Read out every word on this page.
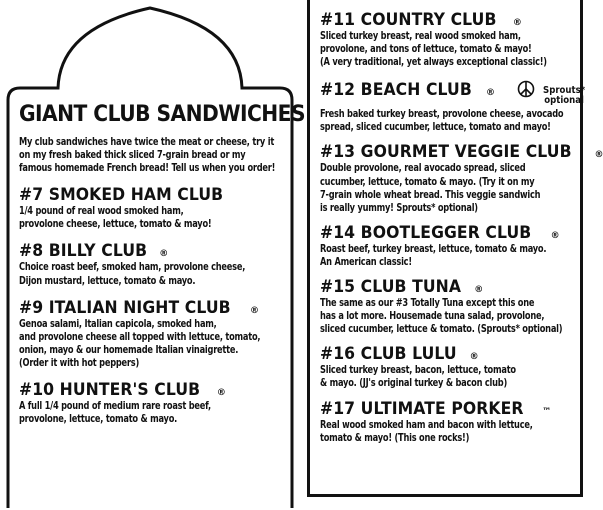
GIANT CLUB SANDWICHES

My club sandwiches have twice the meat or cheese, try it on my fresh baked thick sliced 7-grain bread or my famous homemade French bread! Tell us when you order!

#7 SMOKED HAM CLUB

1/4 pound of real wood smoked ham,
provolone cheese, lettuce, tomato & mayo!

#8 BILLY CLUB ®

Choice roast beef, smoked ham, provolone cheese,
Dijon mustard, lettuce, tomato & mayo.

#9 ITALIAN NIGHT CLUB ®

Genoa salami, Italian capicola, smoked ham,
and provolone cheese all topped with lettuce, tomato,
onion, mayo & our homemade Italian vinaigrette.
(Order it with hot peppers)

#10 HUNTER'S CLUB ®

A full 1/4 pound of medium rare roast beef,
provolone, lettuce, tomato & mayo.

#11 COUNTRY CLUB ®

Sliced turkey breast, real wood smoked ham,
provolone, and tons of lettuce, tomato & mayo!
(A very traditional, yet always exceptional classic!)

#12 BEACH CLUB ®	Sprouts*
optional

Fresh baked turkey breast, provolone cheese, avocado
spread, sliced cucumber, lettuce, tomato and mayo!

#13 GOURMET VEGGIE CLUB	®

Double provolone, real avocado spread, sliced
cucumber, lettuce, tomato & mayo. (Try it on my
7-grain whole wheat bread. This veggie sandwich
is really yummy! Sprouts* optional)

#14 BOOTLEGGER CLUB ®

Roast beef, turkey breast, lettuce, tomato & mayo.
An American classic!

#15 CLUB TUNA ®

The same as our #3 Totally Tuna except this one
has a lot more. Housemade tuna salad, provolone,
sliced cucumber, lettuce & tomato. (Sprouts* optional)

#16 CLUB LULU ®

Sliced turkey breast, bacon, lettuce, tomato
& mayo. (JJ's original turkey & bacon club)

#17 ULTIMATE PORKER ™

Real wood smoked ham and bacon with lettuce,
tomato & mayo! (This one rocks!)
